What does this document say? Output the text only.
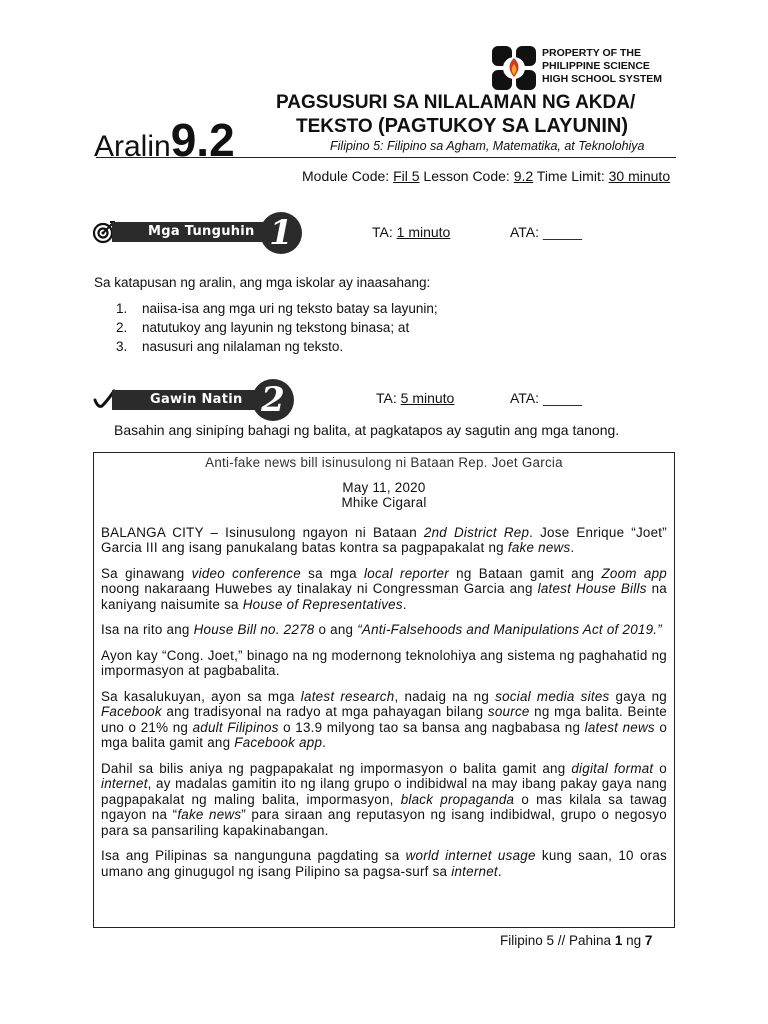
PROPERTY OF THE
PHILIPPINE SCIENCE
HIGH SCHOOL SYSTEM
Aralin9.2
PAGSUSURI SA NILALAMAN NG AKDA/
TEKSTO (PAGTUKOY SA LAYUNIN)
Filipino 5: Filipino sa Agham, Matematika, at Teknolohiya
Module Code: Fil 5 Lesson Code: 9.2 Time Limit: 30 minuto
Mga Tunguhin 1	TA: 1 minuto	ATA: _____
Sa katapusan ng aralin, ang mga iskolar ay inaasahang:
1. naiisa-isa ang mga uri ng teksto batay sa layunin;
2. natutukoy ang layunin ng tekstong binasa; at
3. nasusuri ang nilalaman ng teksto.
Gawin Natin 2	TA: 5 minuto	ATA: _____
Basahin ang sinipíng bahagi ng balita, at pagkatapos ay sagutin ang mga tanong.
Anti-fake news bill isinusulong ni Bataan Rep. Joet Garcia
May 11, 2020
Mhike Cigaral

BALANGA CITY – Isinusulong ngayon ni Bataan 2nd District Rep. Jose Enrique “Joet” Garcia III ang isang panukalang batas kontra sa pagpapakalat ng fake news.

Sa ginawang video conference sa mga local reporter ng Bataan gamit ang Zoom app noong nakaraang Huwebes ay tinalakay ni Congressman Garcia ang latest House Bills na kaniyang naisumite sa House of Representatives.

Isa na rito ang House Bill no. 2278 o ang “Anti-Falsehoods and Manipulations Act of 2019.”

Ayon kay “Cong. Joet,” binago na ng modernong teknolohiya ang sistema ng paghahatid ng impormasyon at pagbabalita.

Sa kasalukuyan, ayon sa mga latest research, nadaig na ng social media sites gaya ng Facebook ang tradisyonal na radyo at mga pahayagan bilang source ng mga balita. Beinte uno o 21% ng adult Filipinos o 13.9 milyong tao sa bansa ang nagbabasa ng latest news o mga balita gamit ang Facebook app.

Dahil sa bilis aniya ng pagpapakalat ng impormasyon o balita gamit ang digital format o internet, ay madalas gamitin ito ng ilang grupo o indibidwal na may ibang pakay gaya nang pagpapakalat ng maling balita, impormasyon, black propaganda o mas kilala sa tawag ngayon na “fake news” para siraan ang reputasyon ng isang indibidwal, grupo o negosyo para sa pansariling kapakinabangan.

Isa ang Pilipinas sa nangunguna pagdating sa world internet usage kung saan, 10 oras umano ang ginugugol ng isang Pilipino sa pagsa-surf sa internet.

Filipino 5 // Pahina 1 ng 7
